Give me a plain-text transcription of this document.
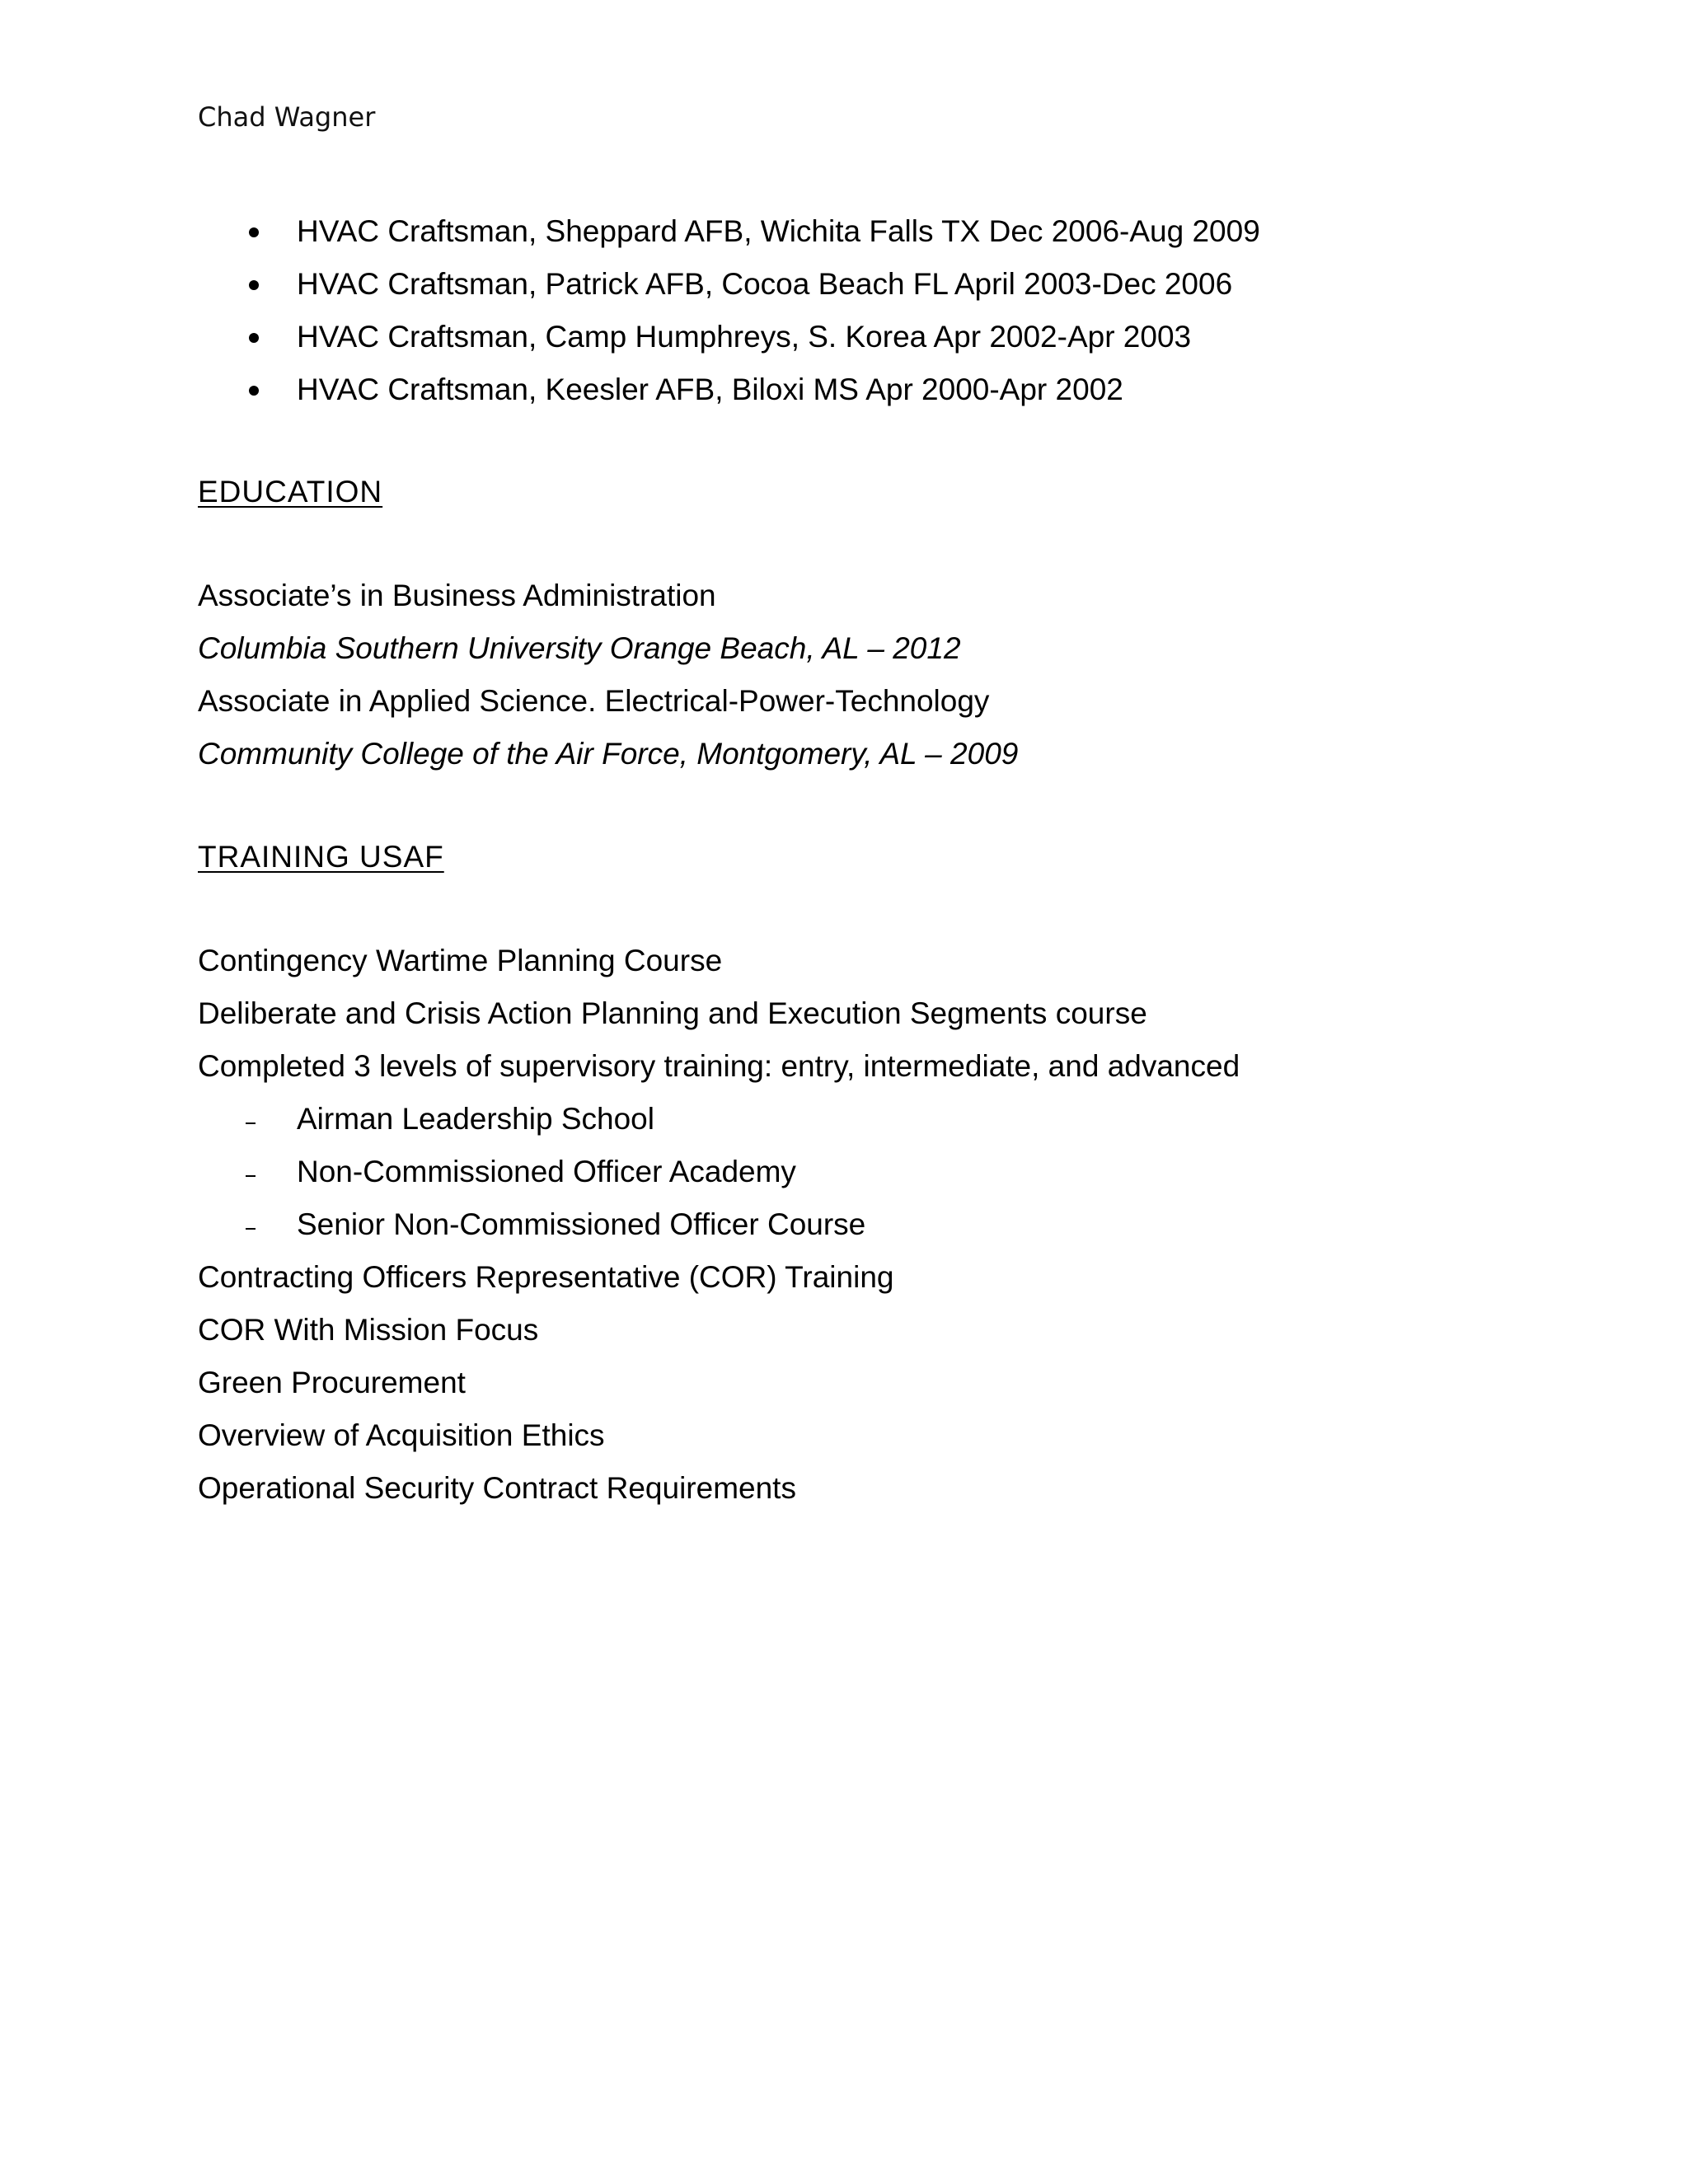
Chad Wagner
HVAC Craftsman, Sheppard AFB, Wichita Falls TX Dec 2006-Aug 2009
HVAC Craftsman, Patrick AFB, Cocoa Beach FL April 2003-Dec 2006
HVAC Craftsman, Camp Humphreys, S. Korea Apr 2002-Apr 2003
HVAC Craftsman, Keesler AFB, Biloxi MS Apr 2000-Apr 2002
EDUCATION
Associate’s in Business Administration
Columbia Southern University Orange Beach, AL – 2012
Associate in Applied Science. Electrical-Power-Technology
Community College of the Air Force, Montgomery, AL – 2009
TRAINING USAF
Contingency Wartime Planning Course
Deliberate and Crisis Action Planning and Execution Segments course
Completed 3 levels of supervisory training: entry, intermediate, and advanced
Airman Leadership School
Non-Commissioned Officer Academy
Senior Non-Commissioned Officer Course
Contracting Officers Representative (COR) Training
COR With Mission Focus
Green Procurement
Overview of Acquisition Ethics
Operational Security Contract Requirements
